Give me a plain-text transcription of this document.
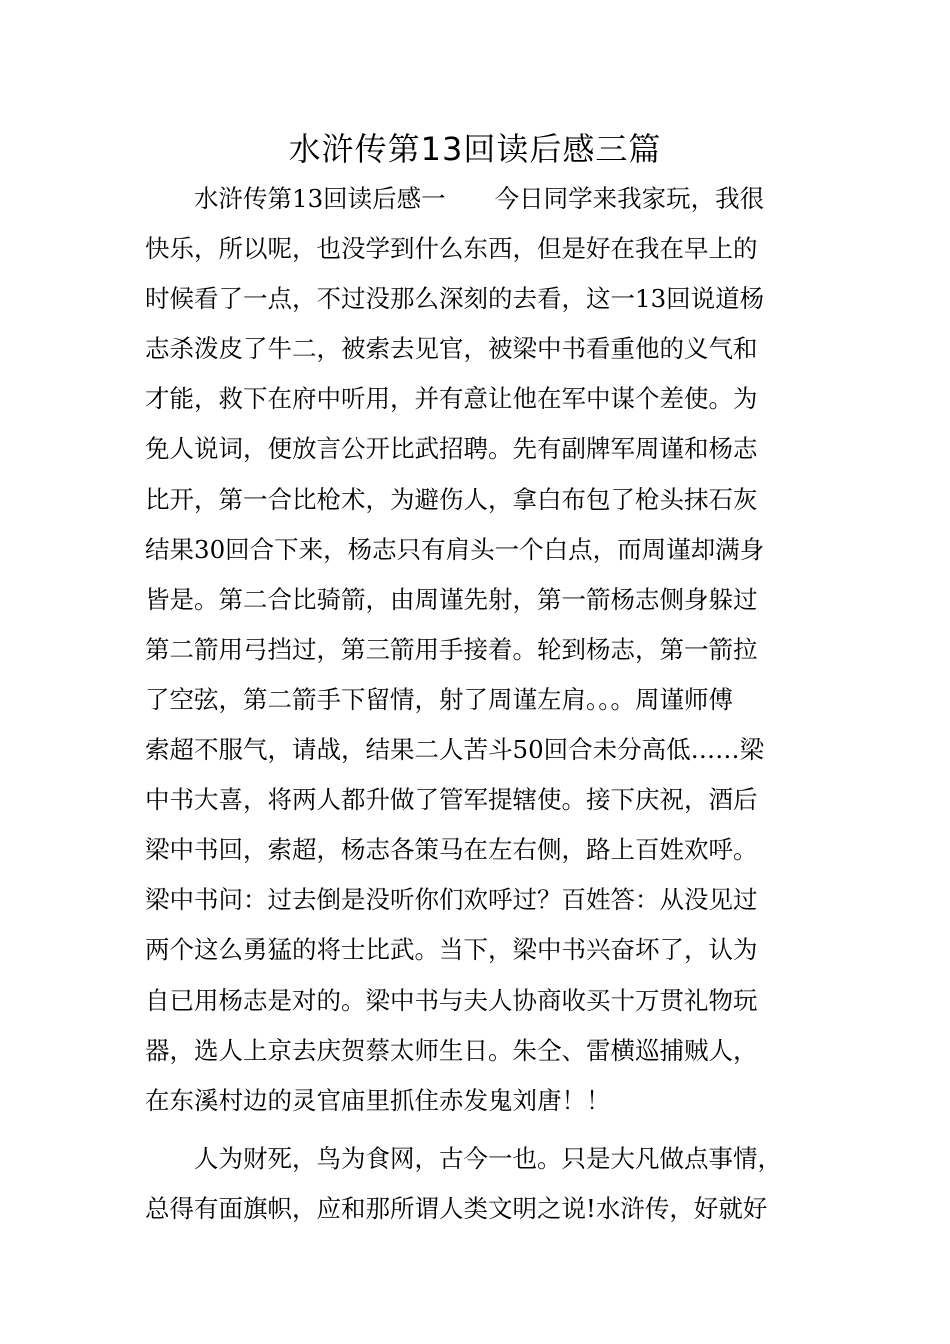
水浒传第13回读后感三篇
　　水浒传第13回读后感一　　今日同学来我家玩，我很
快乐，所以呢，也没学到什么东西，但是好在我在早上的
时候看了一点，不过没那么深刻的去看，这一13回说道杨
志杀泼皮了牛二，被索去见官，被梁中书看重他的义气和
才能，救下在府中听用，并有意让他在军中谋个差使。为
免人说词，便放言公开比武招聘。先有副牌军周谨和杨志
比开，第一合比枪术，为避伤人，拿白布包了枪头抹石灰
结果30回合下来，杨志只有肩头一个白点，而周谨却满身
皆是。第二合比骑箭，由周谨先射，第一箭杨志侧身躲过
第二箭用弓挡过，第三箭用手接着。轮到杨志，第一箭拉
了空弦，第二箭手下留情，射了周谨左肩。。。周谨师傅
索超不服气，请战，结果二人苦斗50回合未分高低……梁
中书大喜，将两人都升做了管军提辖使。接下庆祝，酒后
梁中书回，索超，杨志各策马在左右侧，路上百姓欢呼。
梁中书问：过去倒是没听你们欢呼过？百姓答：从没见过
两个这么勇猛的将士比武。当下，梁中书兴奋坏了，认为
自已用杨志是对的。梁中书与夫人协商收买十万贯礼物玩
器，选人上京去庆贺蔡太师生日。朱仝、雷横巡捕贼人，
在东溪村边的灵官庙里抓住赤发鬼刘唐！！
　　人为财死，鸟为食网，古今一也。只是大凡做点事情，
总得有面旗帜，应和那所谓人类文明之说!水浒传，好就好
